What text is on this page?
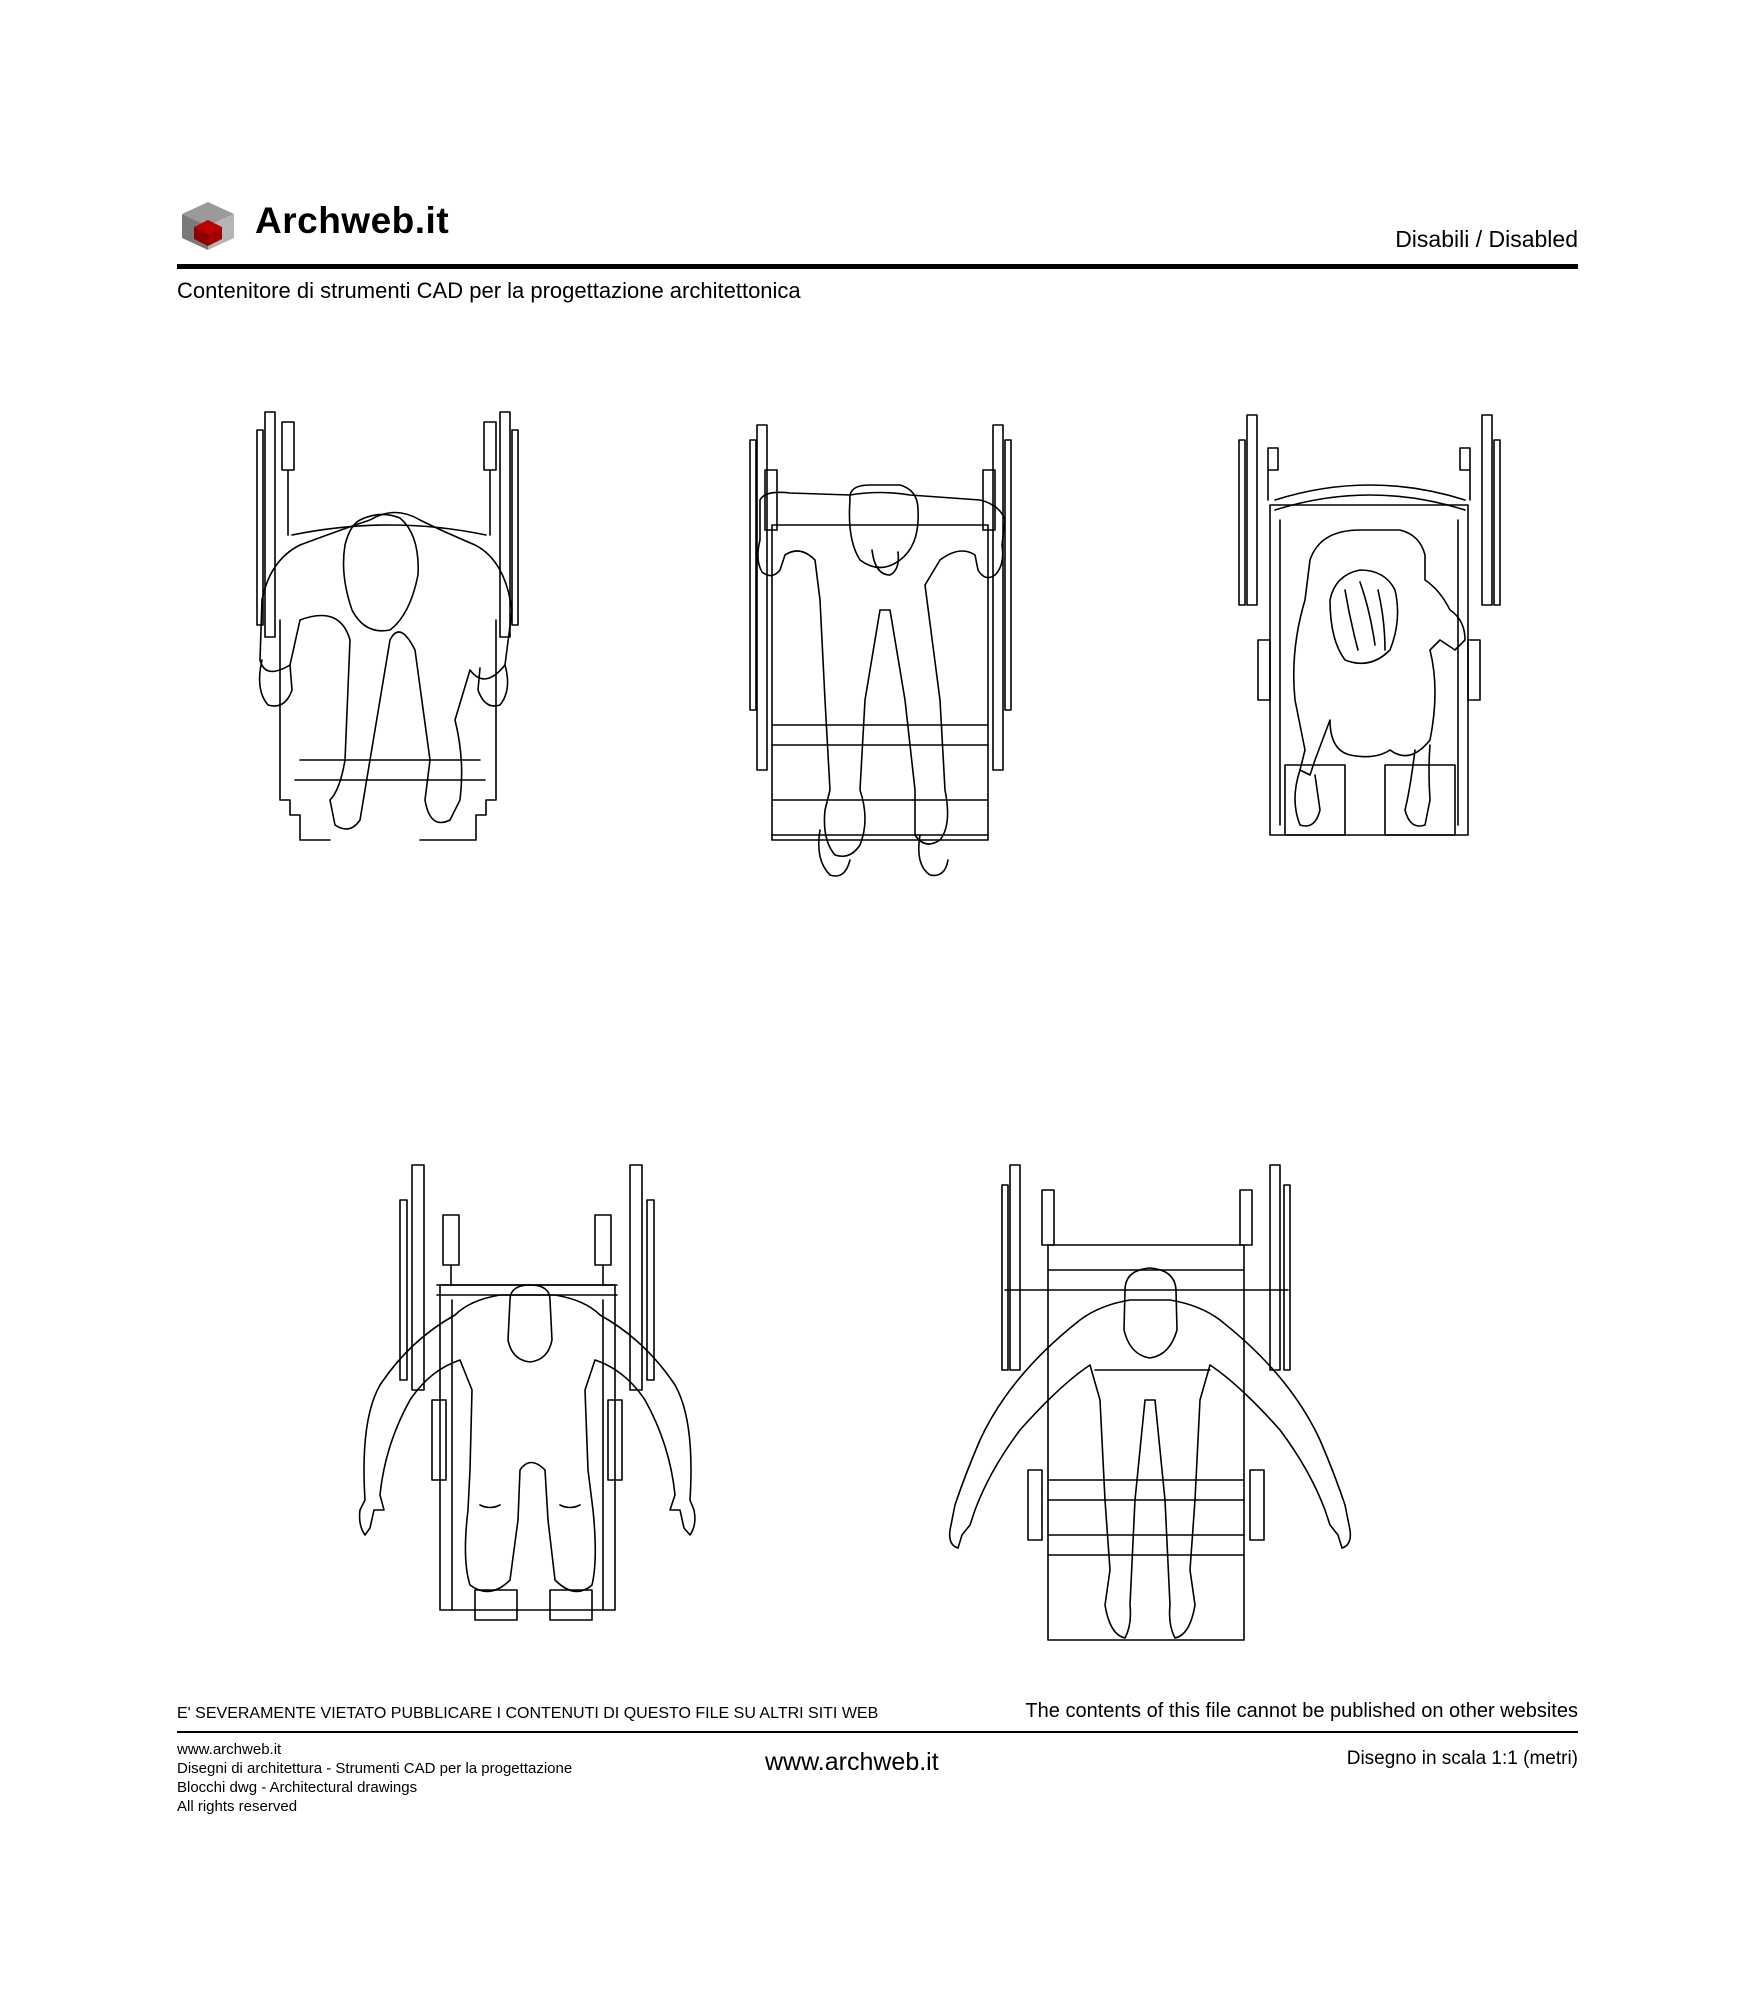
Archweb.it	Disabili / Disabled
Contenitore di strumenti CAD per la progettazione architettonica
E' SEVERAMENTE VIETATO PUBBLICARE I CONTENUTI DI QUESTO FILE SU ALTRI SITI WEB	The contents of this file cannot be published on other websites
www.archweb.it
Disegni di architettura - Strumenti CAD per la progettazione
Blocchi dwg - Architectural drawings
All rights reserved
www.archweb.it	Disegno in scala 1:1 (metri)
